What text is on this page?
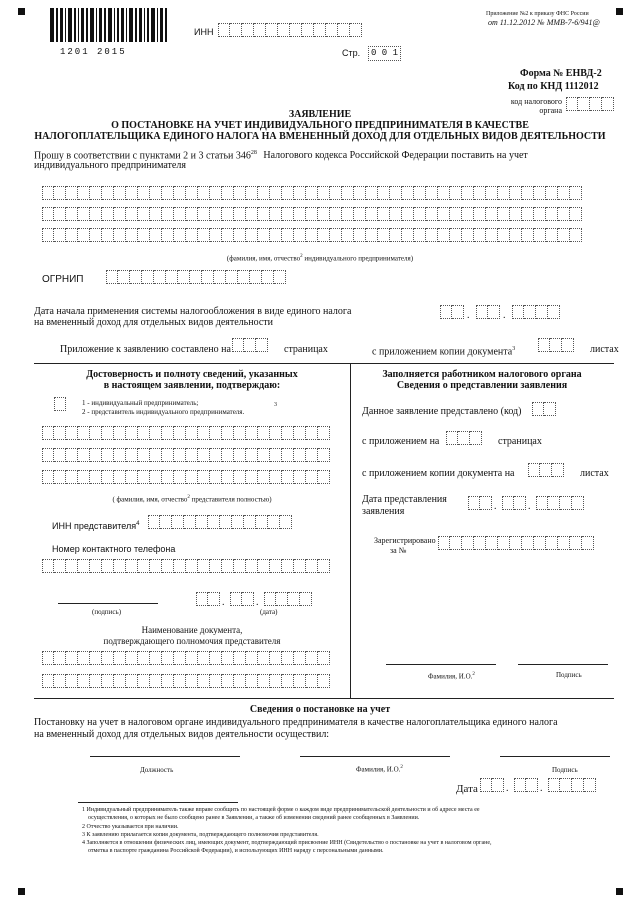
1201 2015
ИНН
Стр.	0 0 1
Приложение №2 к приказу ФНС России
от 11.12.2012 № ММВ-7-6/941@
Форма № ЕНВД-2
Код по КНД 1112012
код налогового органа
ЗАЯВЛЕНИЕ
О ПОСТАНОВКЕ НА УЧЕТ ИНДИВИДУАЛЬНОГО ПРЕДПРИНИМАТЕЛЯ В КАЧЕСТВЕ
НАЛОГОПЛАТЕЛЬЩИКА ЕДИНОГО НАЛОГА НА ВМЕНЕННЫЙ ДОХОД ДЛЯ ОТДЕЛЬНЫХ ВИДОВ ДЕЯТЕЛЬНОСТИ
Прошу в соответствии с пунктами 2 и 3 статьи $346^{28}$ Налогового кодекса Российской Федерации поставить на учет
индивидуального предпринимателя
(фамилия, имя, отчество$^2$ индивидуального предпринимателя)
ОГРНИП
Дата начала применения системы налогообложения в виде единого налога
на вмененный доход для отдельных видов деятельности
.	.
Приложение к заявлению составлено на	страницах	с приложением копии документа$^3$	листах
Достоверность и полноту сведений, указанных
в настоящем заявлении, подтверждаю:
1 - индивидуальный предприниматель;
2 - представитель индивидуального предпринимателя.
3
( фамилия, имя, отчество$^2$ представителя полностью)
ИНН представителя$^4$
Номер контактного телефона
(подпись)
.	.
(дата)
Наименование документа,
подтверждающего полномочия представителя
Заполняется работником налогового органа
Сведения о представлении заявления
Данное заявление представлено (код)
с приложением на	страницах
с приложением копии документа на	листах
Дата представления
заявления	.	.
Зарегистрировано
за №
Фамилия, И.О.$^2$	Подпись
Сведения о постановке на учет
Постановку на учет в налоговом органе индивидуального предпринимателя в качестве налогоплательщика единого налога
на вмененный доход для отдельных видов деятельности осуществил:
Должность	Фамилия, И.О.$^2$	Подпись
Дата	.	.
1 Индивидуальный предприниматель также вправе сообщить по настоящей форме о каждом виде предпринимательской деятельности и об адресе места ее
осуществления, о которых не было сообщено ранее в Заявлении, а также об изменении сведений ранее сообщенных в Заявлении.
2 Отчество указывается при наличии.
3 К заявлению прилагается копия документа, подтверждающего полномочия представителя.
4 Заполняется в отношении физических лиц, имеющих документ, подтверждающий присвоение ИНН (Свидетельство о постановке на учет в налоговом органе,
отметка в паспорте гражданина Российской Федерации), и использующих ИНН наряду с персональными данными.
